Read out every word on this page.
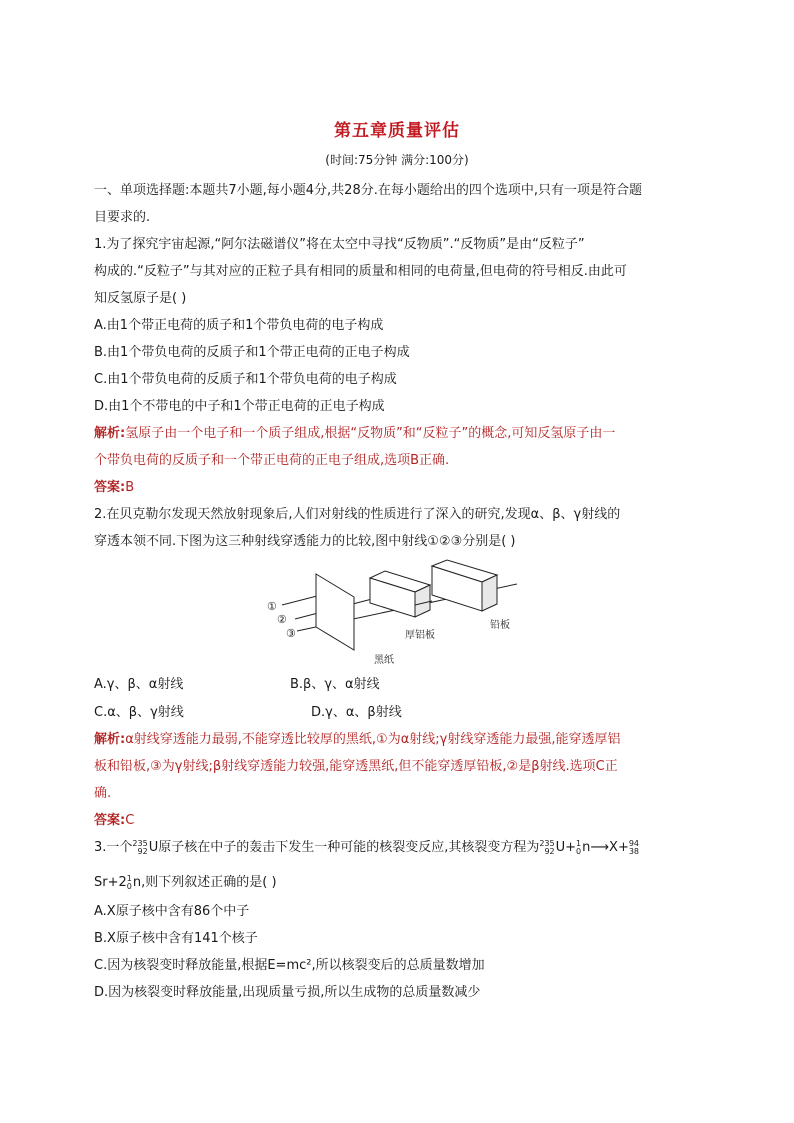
第五章质量评估
(时间:75分钟 满分:100分)
一、单项选择题:本题共7小题,每小题4分,共28分.在每小题给出的四个选项中,只有一项是符合题
目要求的.
1.为了探究宇宙起源,“阿尔法磁谱仪”将在太空中寻找“反物质”.“反物质”是由“反粒子”
构成的.“反粒子”与其对应的正粒子具有相同的质量和相同的电荷量,但电荷的符号相反.由此可
知反氢原子是( )
A.由1个带正电荷的质子和1个带负电荷的电子构成
B.由1个带负电荷的反质子和1个带正电荷的正电子构成
C.由1个带负电荷的反质子和1个带负电荷的电子构成
D.由1个不带电的中子和1个带正电荷的正电子构成
解析:氢原子由一个电子和一个质子组成,根据“反物质”和“反粒子”的概念,可知反氢原子由一
个带负电荷的反质子和一个带正电荷的正电子组成,选项B正确.
答案:B
2.在贝克勒尔发现天然放射现象后,人们对射线的性质进行了深入的研究,发现α、β、γ射线的
穿透本领不同.下图为这三种射线穿透能力的比较,图中射线①②③分别是( )
①
②
③
黑纸
厚铝板
铅板
A.γ、β、α射线	B.β、γ、α射线
C.α、β、γ射线	D.γ、α、β射线
解析:α射线穿透能力最弱,不能穿透比较厚的黑纸,①为α射线;γ射线穿透能力最强,能穿透厚铝
板和铅板,③为γ射线;β射线穿透能力较强,能穿透黑纸,但不能穿透厚铅板,②是β射线.选项C正
确.
答案:C
3.一个 235
92 U原子核在中子的轰击下发生一种可能的核裂变反应,其核裂变方程为 235
92 U+ 1
0 n⟶X+ 94
38
Sr+2 1
0 n,则下列叙述正确的是( )
A.X原子核中含有86个中子
B.X原子核中含有141个核子
C.因为核裂变时释放能量,根据E=mc²,所以核裂变后的总质量数增加
D.因为核裂变时释放能量,出现质量亏损,所以生成物的总质量数减少
